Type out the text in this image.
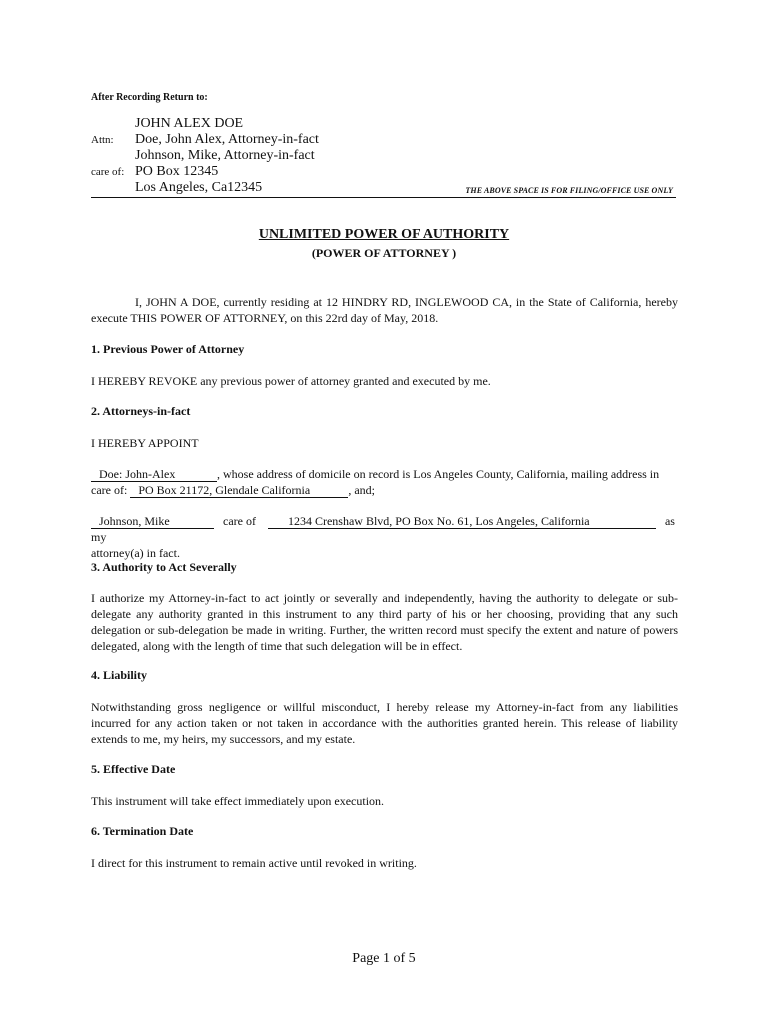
After Recording Return to:
JOHN ALEX DOE
Attn: Doe, John Alex, Attorney-in-fact
Johnson, Mike, Attorney-in-fact
care of: PO Box 12345
Los Angeles, Ca12345	THE ABOVE SPACE IS FOR FILING/OFFICE USE ONLY
UNLIMITED POWER OF AUTHORITY
(POWER OF ATTORNEY )
I, JOHN A DOE, currently residing at 12 HINDRY RD, INGLEWOOD CA, in the State of California, hereby execute THIS POWER OF ATTORNEY, on this 22rd day of May, 2018.
1. Previous Power of Attorney
I HEREBY REVOKE any previous power of attorney granted and executed by me.
2. Attorneys-in-fact
I HEREBY APPOINT
Doe: John-Alex	, whose address of domicile on record is Los Angeles County, California, mailing address in
care of: PO Box 21172, Glendale California	, and;
Johnson, Mike	care of	1234 Crenshaw Blvd, PO Box No. 61, Los Angeles, California	as my
attorney(a) in fact.
3. Authority to Act Severally
I authorize my Attorney-in-fact to act jointly or severally and independently, having the authority to delegate or sub-delegate any authority granted in this instrument to any third party of his or her choosing, providing that any such delegation or sub-delegation be made in writing. Further, the written record must specify the extent and nature of powers delegated, along with the length of time that such delegation will be in effect.
4. Liability
Notwithstanding gross negligence or willful misconduct, I hereby release my Attorney-in-fact from any liabilities incurred for any action taken or not taken in accordance with the authorities granted herein. This release of liability extends to me, my heirs, my successors, and my estate.
5. Effective Date
This instrument will take effect immediately upon execution.
6. Termination Date
I direct for this instrument to remain active until revoked in writing.
Page 1 of 5
